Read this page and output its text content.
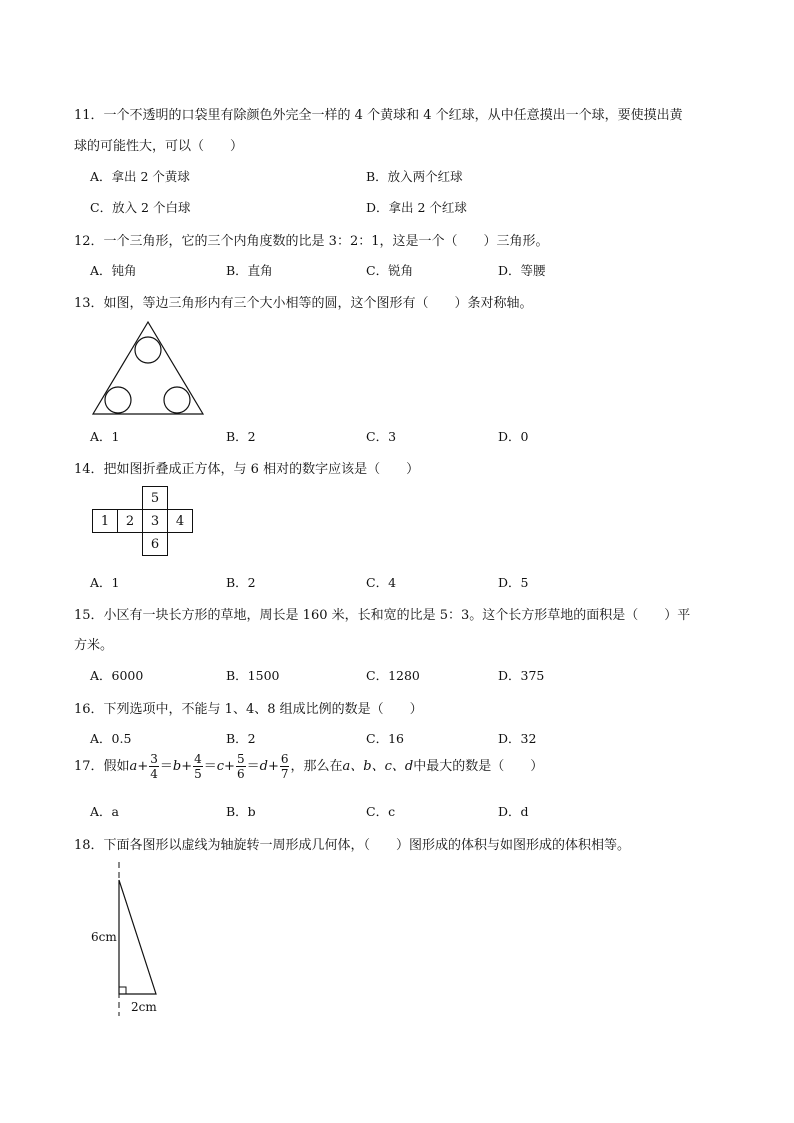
11．一个不透明的口袋里有除颜色外完全一样的 4 个黄球和 4 个红球，从中任意摸出一个球，要使摸出黄
球的可能性大，可以（　　）
A．拿出 2 个黄球	B．放入两个红球
C．放入 2 个白球	D．拿出 2 个红球
12．一个三角形，它的三个内角度数的比是 3：2：1，这是一个（　　）三角形。
A．钝角	B．直角	C．锐角	D．等腰
13．如图，等边三角形内有三个大小相等的圆，这个图形有（　　）条对称轴。
A．1	B．2	C．3	D．0
14．把如图折叠成正方体，与 6 相对的数字应该是（　　）
		5	
1	2	3	4
		6	
A．1	B．2	C．4	D．5
15．小区有一块长方形的草地，周长是 160 米，长和宽的比是 5：3。这个长方形草地的面积是（　　）平
方米。
A．6000	B．1500	C．1280	D．375
16．下列选项中，不能与 1、4、8 组成比例的数是（　　）
A．0.5	B．2	C．16	D．32
17．假如$a+ \frac{3}{4} =b+ \frac{4}{5} =c+ \frac{5}{6} =d+ \frac{6}{7}$ ，那么在a、b、c、d中最大的数是（　　）
A．a	B．b	C．c	D．d
18．下面各图形以虚线为轴旋转一周形成几何体，（　　）图形成的体积与如图形成的体积相等。
6cm
2cm
